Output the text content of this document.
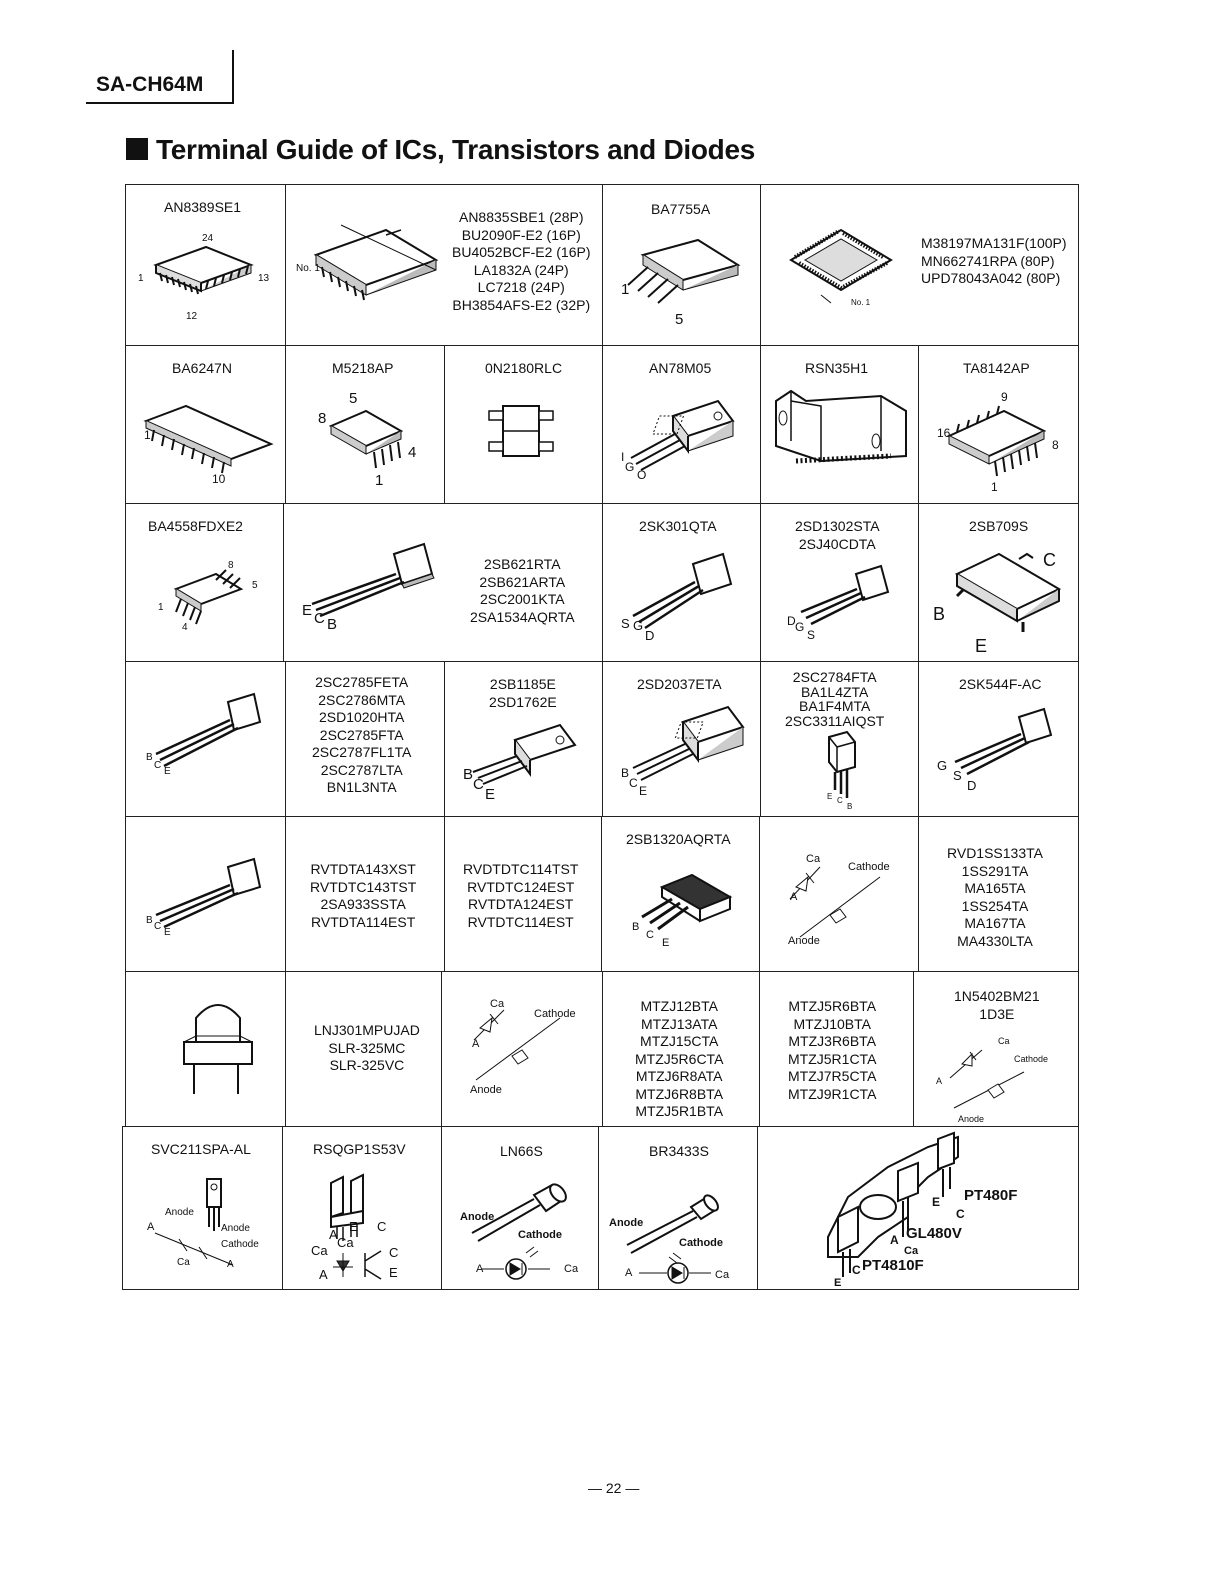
SA-CH64M
Terminal Guide of ICs, Transistors and Diodes
AN8389SE1
24
1	13
12
No. 1
AN8835SBE1 (28P)
BU2090F-E2 (16P)
BU4052BCF-E2 (16P)
LA1832A (24P)
LC7218 (24P)
BH3854AFS-E2 (32P)
BA7755A
1
5
No. 1
M38197MA131F(100P)
MN662741RPA (80P)
UPD78043A042 (80P)
BA6247N
1
10
M5218AP
5
8
4
1
0N2180RLC	AN78M05
I
G
O
RSN35H1	TA8142AP
9
16
8
1
BA4558FDXE2
8
5
1
4
E C B
2SB621RTA
2SB621ARTA
2SC2001KTA
2SA1534AQRTA
2SK301QTA
S G
D
2SD1302STA
2SJ40CDTA
D G
S
2SB709S
C
B
E
B
C
E
2SC2785FETA
2SC2786MTA
2SD1020HTA
2SC2785FTA
2SC2787FL1TA
2SC2787LTA
BN1L3NTA
2SB1185E
2SD1762E
B
C
E
2SD2037ETA
B
C
E
2SC2784FTA
BA1L4ZTA
BA1F4MTA
2SC3311AIQST
E C
B
2SK544F-AC
G
S
D
B
C
E
RVTDTA143XST
RVTDTC143TST
2SA933SSTA
RVTDTA114EST
RVDTDTC114TST
RVTDTC124EST
RVTDTA124EST
RVTDTC114EST
2SB1320AQRTA
B
C
E
Ca
Cathode
A
Anode
RVD1SS133TA
1SS291TA
MA165TA
1SS254TA
MA167TA
MA4330LTA
LNJ301MPUJAD
SLR-325MC
SLR-325VC
Ca
Cathode
A
Anode
MTZJ12BTA
MTZJ13ATA
MTZJ15CTA
MTZJ5R6CTA
MTZJ6R8ATA
MTZJ6R8BTA
MTZJ5R1BTA
MTZJ5R6BTA
MTZJ10BTA
MTZJ3R6BTA
MTZJ5R1CTA
MTZJ7R5CTA
MTZJ9R1CTA
1N5402BM21
1D3E
Ca
Cathode
A
Anode
SVC211SPA-AL
Anode
A	Anode
Cathode
Ca	A
RSQGP1S53V
E
A
C
Ca
Ca	C
A	E
LN66S
Anode
Cathode
A	Ca
BR3433S
Anode
Cathode
A	Ca
E
C
PT480F
A GL480V
Ca
C PT4810F
E
— 22 —
